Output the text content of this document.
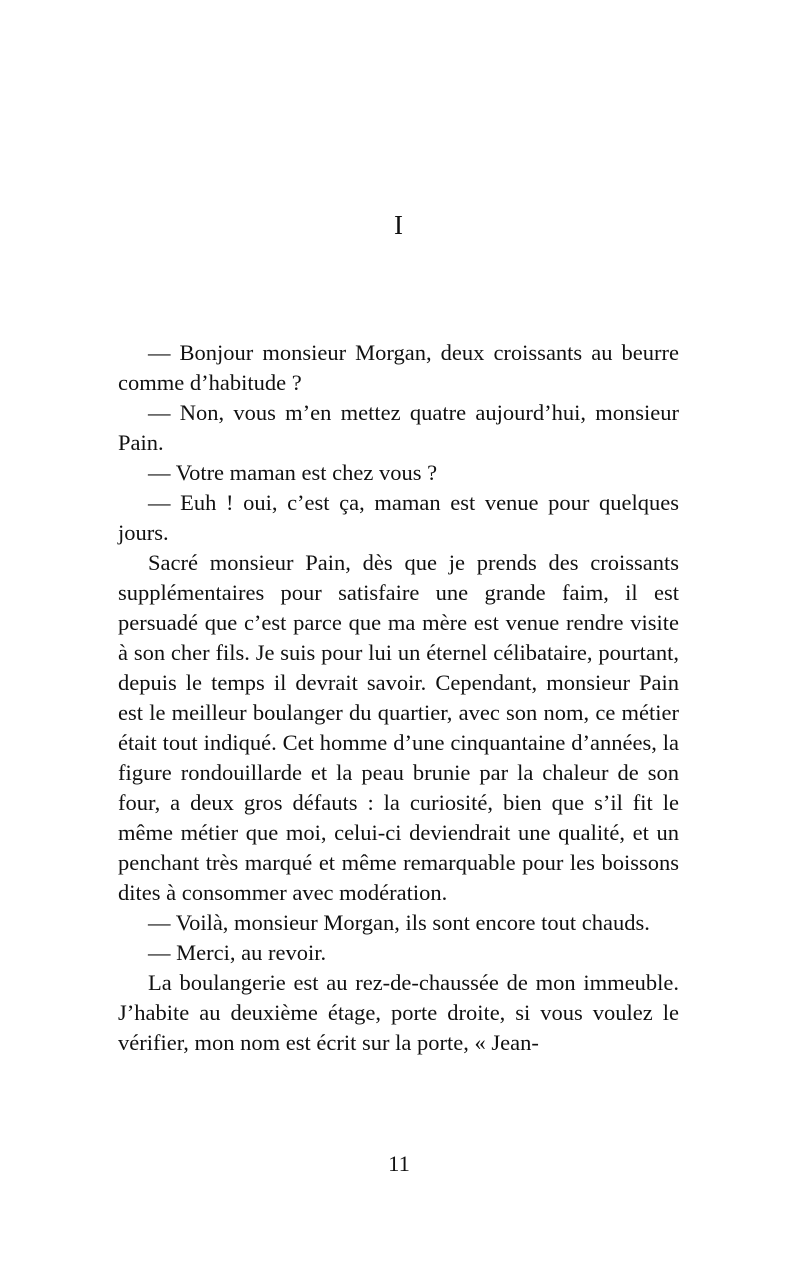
I

— Bonjour monsieur Morgan, deux croissants au beurre comme d’habitude ?

— Non, vous m’en mettez quatre aujourd’hui, monsieur Pain.

— Votre maman est chez vous ?

— Euh ! oui, c’est ça, maman est venue pour quelques jours.

Sacré monsieur Pain, dès que je prends des croissants supplémentaires pour satisfaire une grande faim, il est persuadé que c’est parce que ma mère est venue rendre visite à son cher fils. Je suis pour lui un éternel célibataire, pourtant, depuis le temps il devrait savoir. Cependant, monsieur Pain est le meilleur boulanger du quartier, avec son nom, ce métier était tout indiqué. Cet homme d’une cinquantaine d’années, la figure rondouillarde et la peau brunie par la chaleur de son four, a deux gros défauts : la curiosité, bien que s’il fit le même métier que moi, celui-ci deviendrait une qualité, et un penchant très marqué et même remarquable pour les boissons dites à consommer avec modération.

— Voilà, monsieur Morgan, ils sont encore tout chauds.

— Merci, au revoir.

La boulangerie est au rez-de-chaussée de mon immeuble. J’habite au deuxième étage, porte droite, si vous voulez le vérifier, mon nom est écrit sur la porte, « Jean-

11
